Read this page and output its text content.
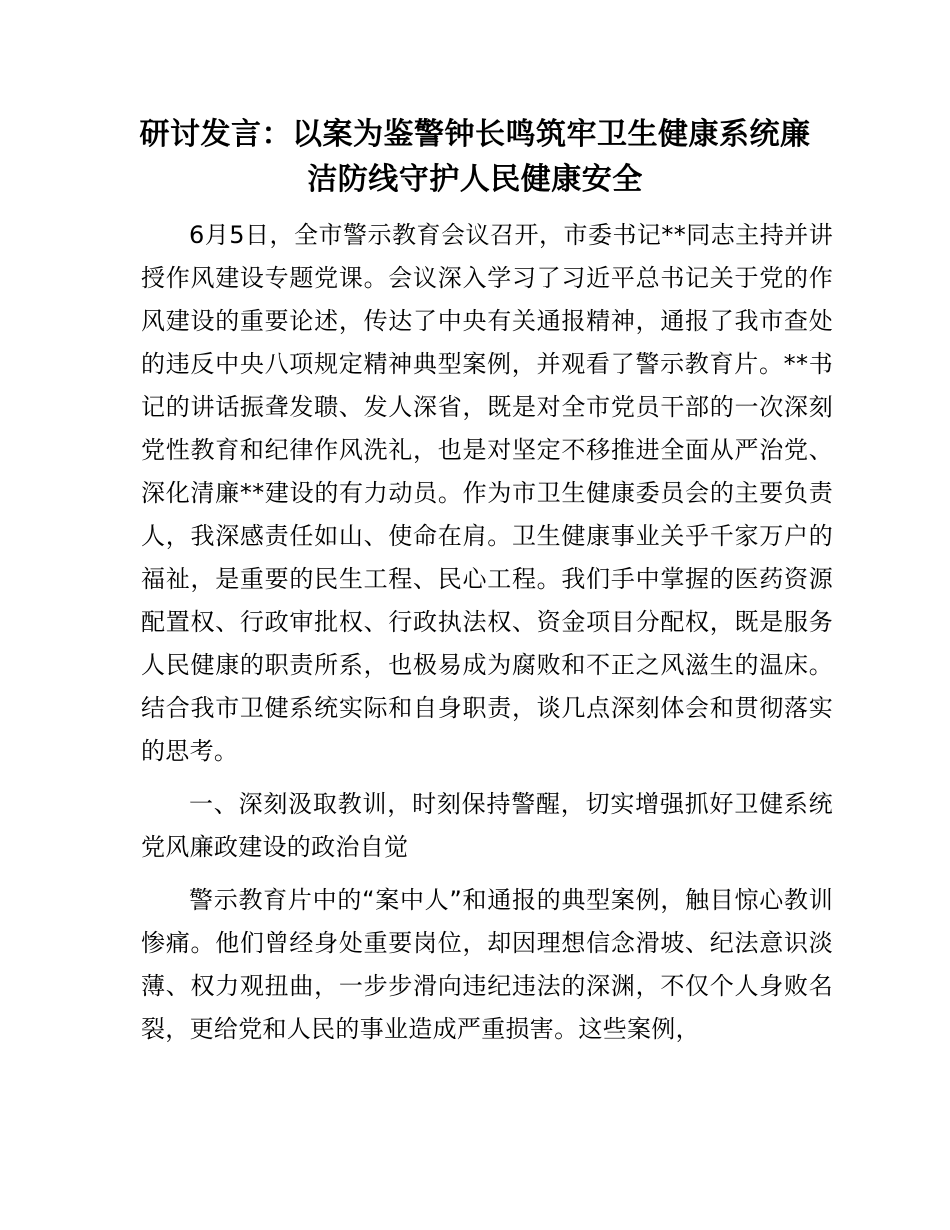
研讨发言：以案为鉴警钟长鸣筑牢卫生健康系统廉洁防线守护人民健康安全

6月5日，全市警示教育会议召开，市委书记**同志主持并讲授作风建设专题党课。会议深入学习了习近平总书记关于党的作风建设的重要论述，传达了中央有关通报精神，通报了我市查处的违反中央八项规定精神典型案例，并观看了警示教育片。**书记的讲话振聋发聩、发人深省，既是对全市党员干部的一次深刻党性教育和纪律作风洗礼，也是对坚定不移推进全面从严治党、深化清廉**建设的有力动员。作为市卫生健康委员会的主要负责人，我深感责任如山、使命在肩。卫生健康事业关乎千家万户的福祉，是重要的民生工程、民心工程。我们手中掌握的医药资源配置权、行政审批权、行政执法权、资金项目分配权，既是服务人民健康的职责所系，也极易成为腐败和不正之风滋生的温床。结合我市卫健系统实际和自身职责，谈几点深刻体会和贯彻落实的思考。

一、深刻汲取教训，时刻保持警醒，切实增强抓好卫健系统党风廉政建设的政治自觉

警示教育片中的“案中人”和通报的典型案例，触目惊心教训惨痛。他们曾经身处重要岗位，却因理想信念滑坡、纪法意识淡薄、权力观扭曲，一步步滑向违纪违法的深渊，不仅个人身败名裂，更给党和人民的事业造成严重损害。这些案例，
